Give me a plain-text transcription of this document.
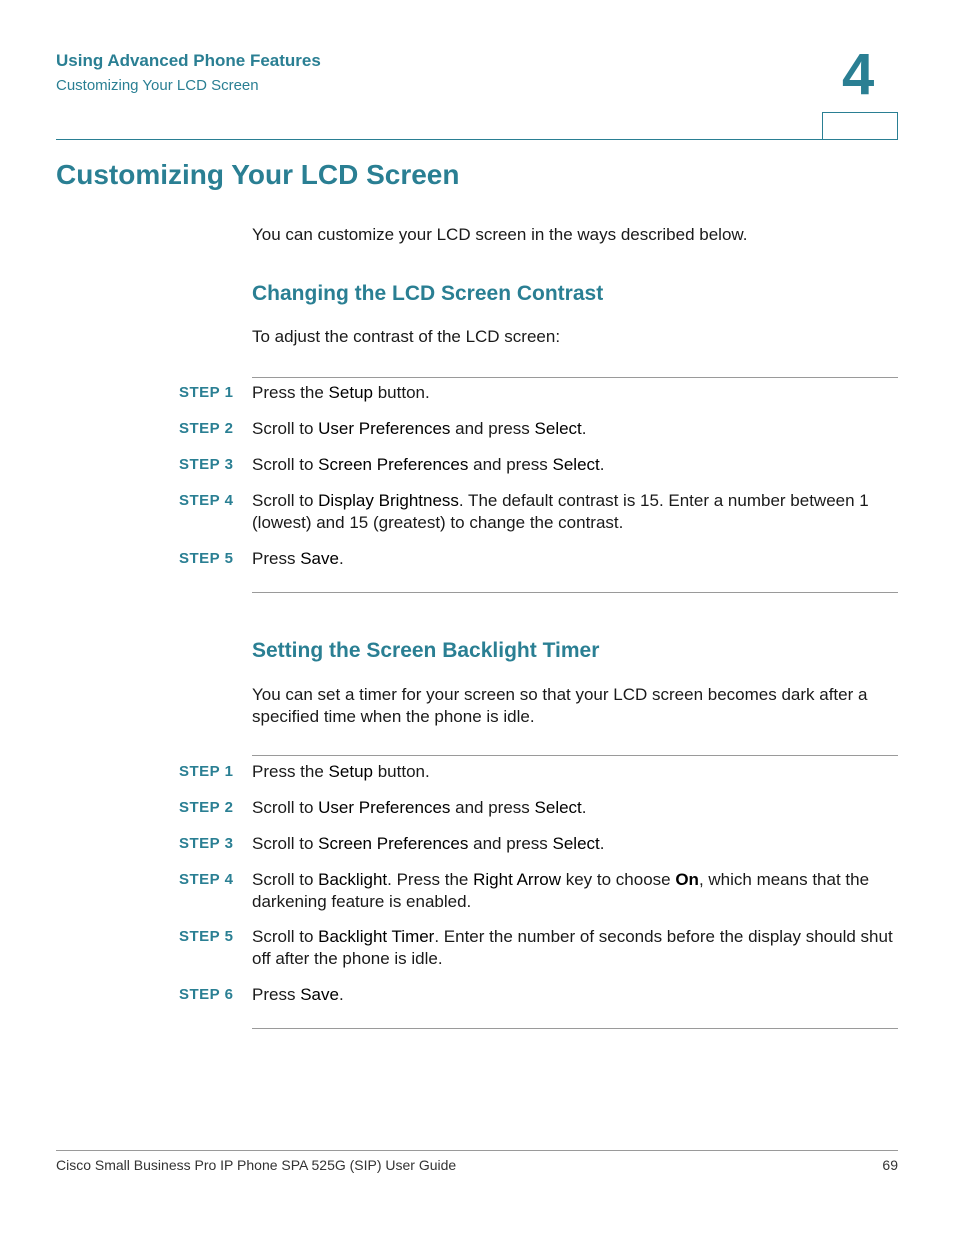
Using Advanced Phone Features
Customizing Your LCD Screen	4
Customizing Your LCD Screen

You can customize your LCD screen in the ways described below.

Changing the LCD Screen Contrast

To adjust the contrast of the LCD screen:

STEP 1 Press the Setup button.
STEP 2 Scroll to User Preferences and press Select.
STEP 3 Scroll to Screen Preferences and press Select.
STEP 4 Scroll to Display Brightness. The default contrast is 15. Enter a number between 1 (lowest) and 15 (greatest) to change the contrast.
STEP 5 Press Save.
Setting the Screen Backlight Timer

You can set a timer for your screen so that your LCD screen becomes dark after a specified time when the phone is idle.

STEP 1 Press the Setup button.
STEP 2 Scroll to User Preferences and press Select.
STEP 3 Scroll to Screen Preferences and press Select.
STEP 4 Scroll to Backlight. Press the Right Arrow key to choose On, which means that the darkening feature is enabled.
STEP 5 Scroll to Backlight Timer. Enter the number of seconds before the display should shut off after the phone is idle.
STEP 6 Press Save.
Cisco Small Business Pro IP Phone SPA 525G (SIP) User Guide	69
